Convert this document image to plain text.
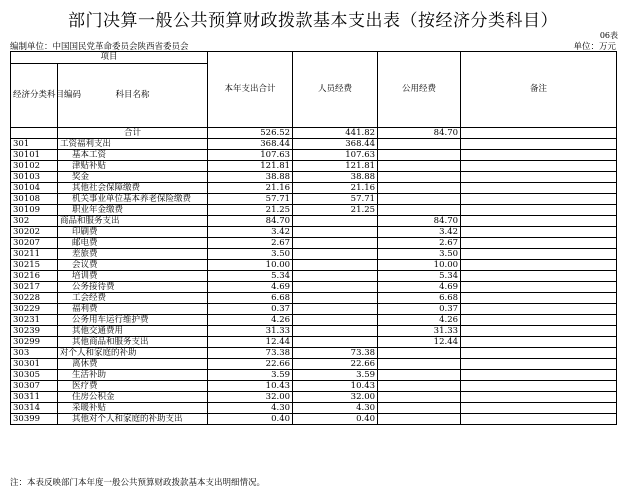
部门决算一般公共预算财政拨款基本支出表（按经济分类科目）
06表
编制单位：中国国民党革命委员会陕西省委员会	单位：万元
项目		本年支出合计	人员经费	公用经费	备注
经济分类科目编码	科目名称				
	合计	526.52	441.82	84.70	
301	工资福利支出	368.44	368.44		
30101	基本工资	107.63	107.63		
30102	津贴补贴	121.81	121.81		
30103	奖金	38.88	38.88		
30104	其他社会保障缴费	21.16	21.16		
30108	机关事业单位基本养老保险缴费	57.71	57.71		
30109	职业年金缴费	21.25	21.25		
302	商品和服务支出	84.70		84.70	
30202	印刷费	3.42		3.42	
30207	邮电费	2.67		2.67	
30211	差旅费	3.50		3.50	
30215	会议费	10.00		10.00	
30216	培训费	5.34		5.34	
30217	公务接待费	4.69		4.69	
30228	工会经费	6.68		6.68	
30229	福利费	0.37		0.37	
30231	公务用车运行维护费	4.26		4.26	
30239	其他交通费用	31.33		31.33	
30299	其他商品和服务支出	12.44		12.44	
303	对个人和家庭的补助	73.38	73.38		
30301	离休费	22.66	22.66		
30305	生活补助	3.59	3.59		
30307	医疗费	10.43	10.43		
30311	住房公积金	32.00	32.00		
30314	采暖补贴	4.30	4.30		
30399	其他对个人和家庭的补助支出	0.40	0.40		
注：本表反映部门本年度一般公共预算财政拨款基本支出明细情况。
